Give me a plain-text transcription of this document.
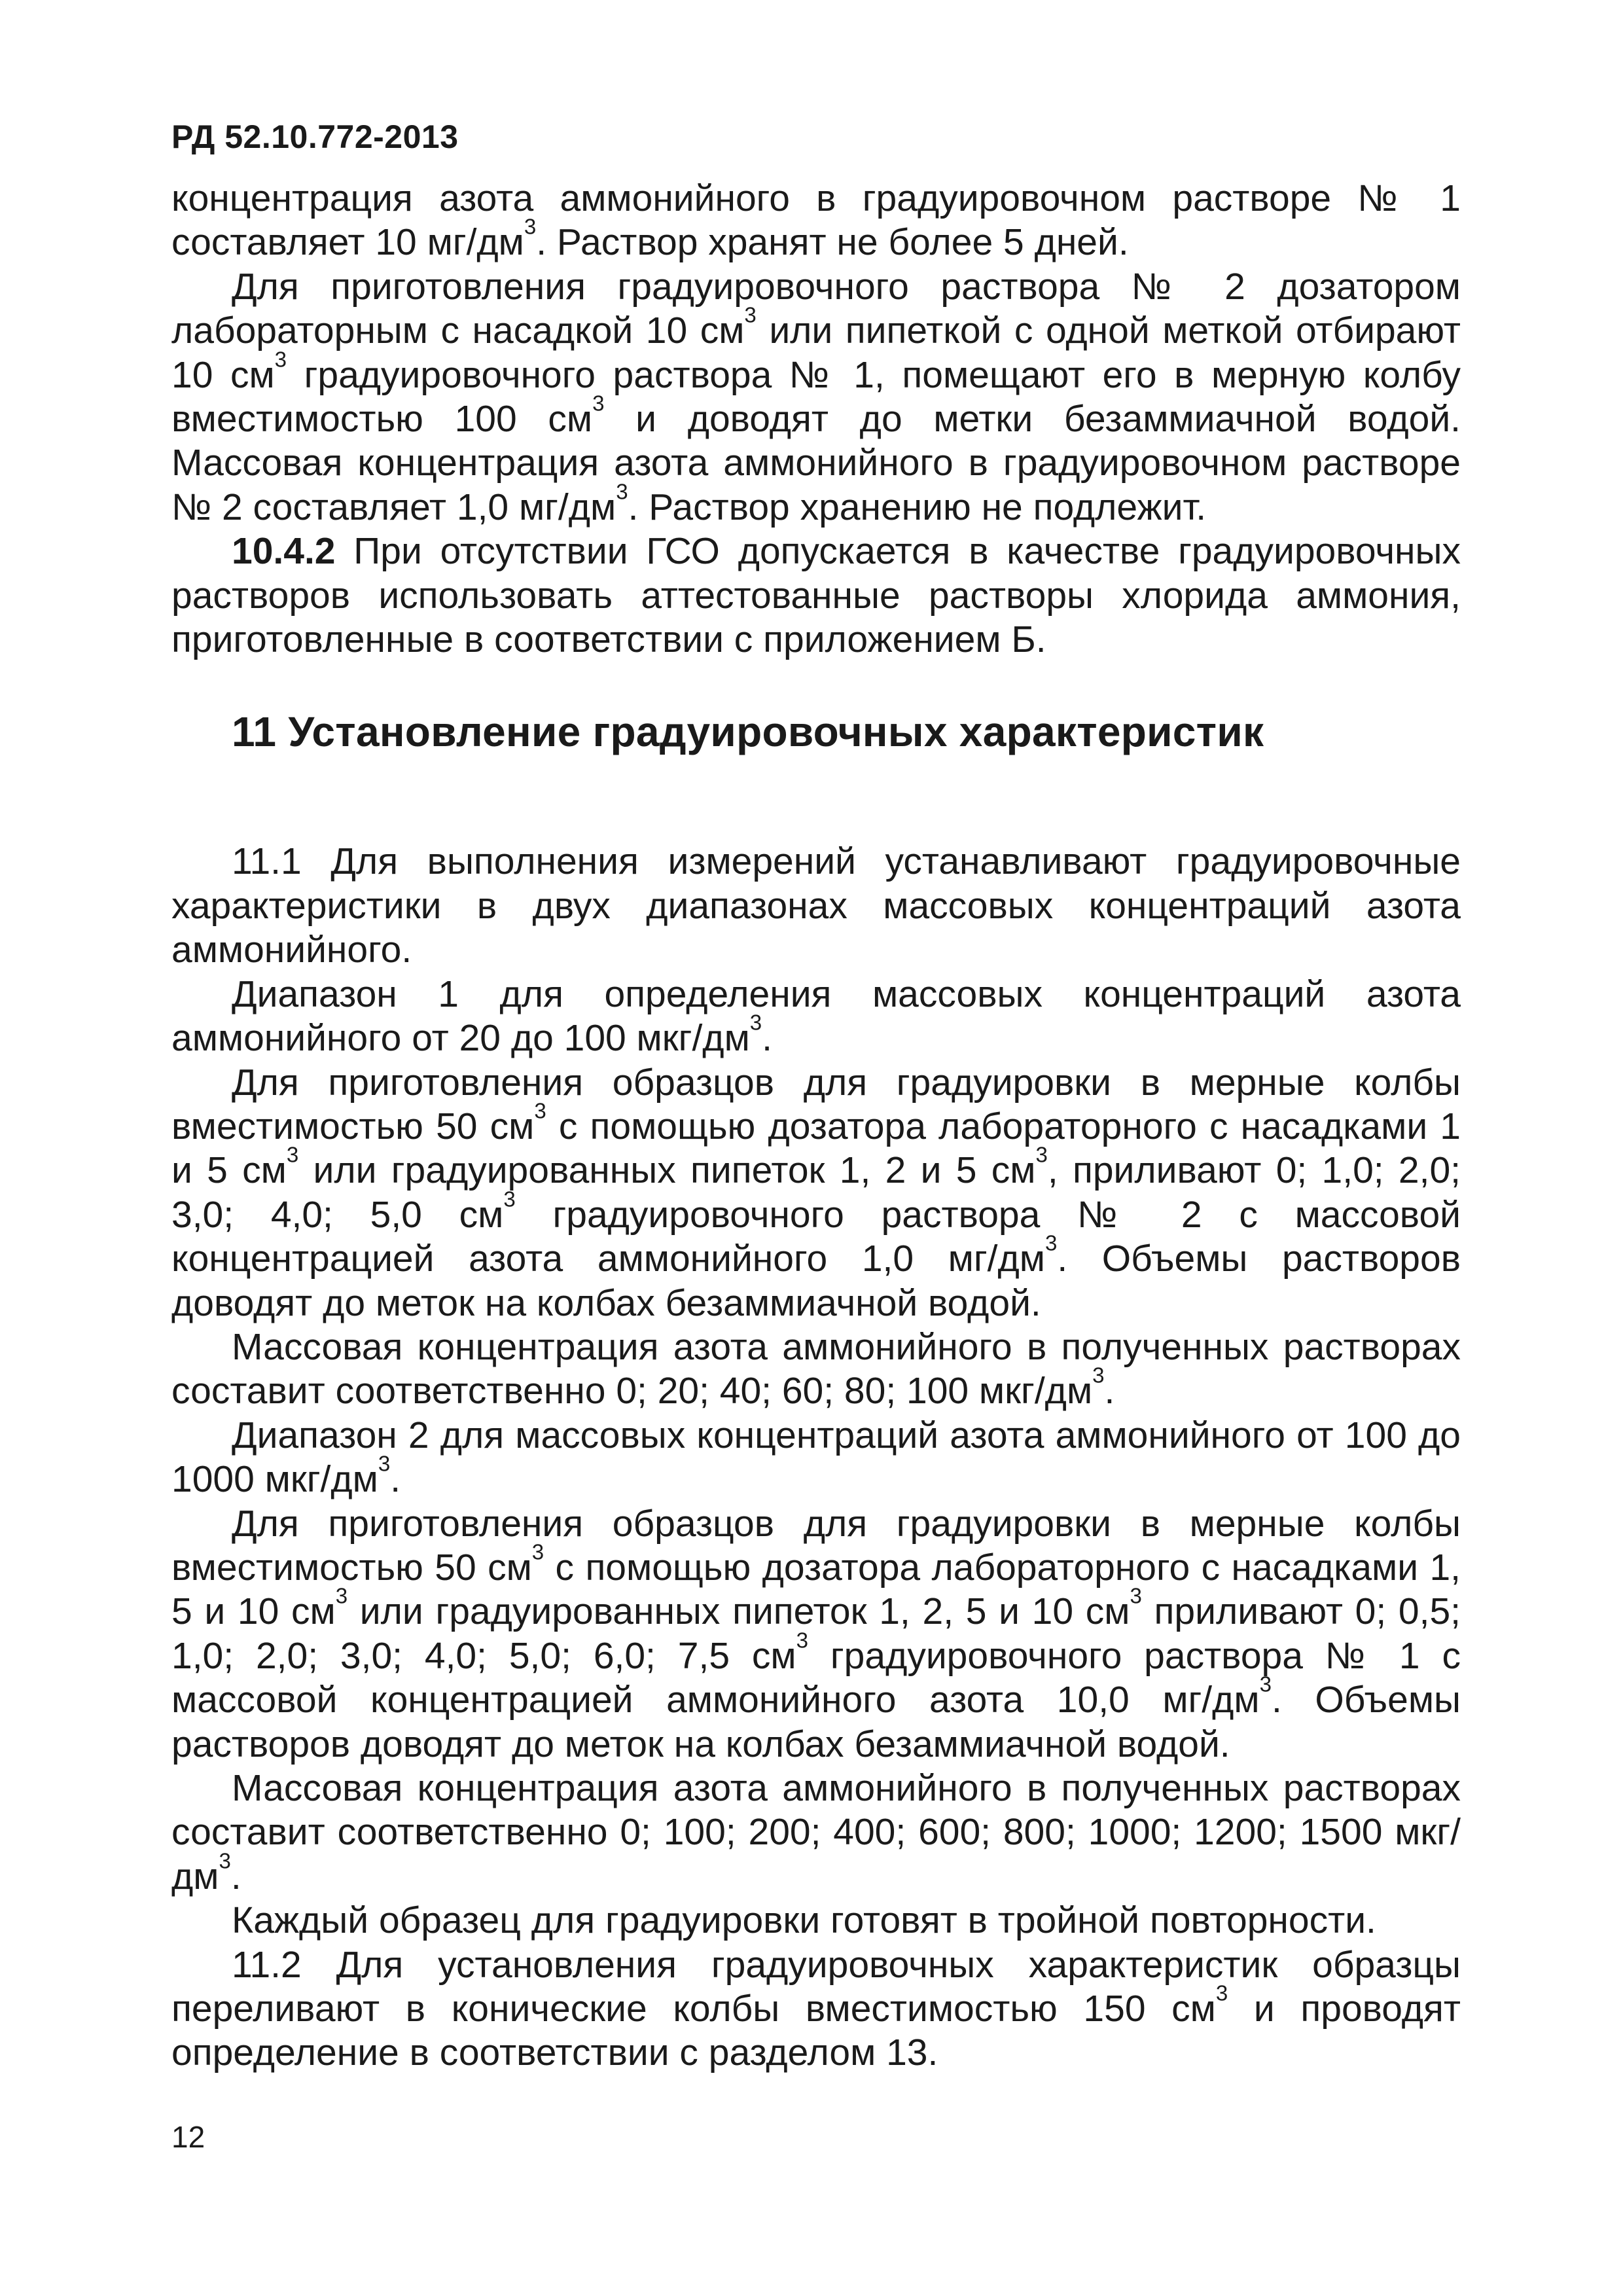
РД 52.10.772-2013

концентрация азота аммонийного в градуировочном растворе № 1 составляет 10 $мг/дм^3$. Раствор хранят не более 5 дней.

Для приготовления градуировочного раствора № 2 дозатором лабораторным с насадкой 10 $см^3$ или пипеткой с одной меткой отбирают 10 $см^3$ градуировочного раствора № 1, помещают его в мерную колбу вместимостью 100 $см^3$ и доводят до метки безаммиачной водой. Массовая концентрация азота аммонийного в градуировочном растворе № 2 составляет 1,0 $мг/дм^3$. Раствор хранению не подлежит.

10.4.2 При отсутствии ГСО допускается в качестве градуировочных растворов использовать аттестованные растворы хлорида аммония, приготовленные в соответствии с приложением Б.

11 Установление градуировочных характеристик

11.1 Для выполнения измерений устанавливают градуировочные характеристики в двух диапазонах массовых концентраций азота аммонийного.

Диапазон 1 для определения массовых концентраций азота аммонийного от 20 до 100 мкг/$дм^3$.

Для приготовления образцов для градуировки в мерные колбы вместимостью 50 $см^3$ с помощью дозатора лабораторного с насадками 1 и 5 $см^3$ или градуированных пипеток 1, 2 и 5 $см^3$, приливают 0; 1,0; 2,0; 3,0; 4,0; 5,0 $см^3$ градуировочного раствора № 2 с массовой концентрацией азота аммонийного 1,0 $мг/дм^3$. Объемы растворов доводят до меток на колбах безаммиачной водой.

Массовая концентрация азота аммонийного в полученных растворах составит соответственно 0; 20; 40; 60; 80; 100 мкг/$дм^3$.

Диапазон 2 для массовых концентраций азота аммонийного от 100 до 1000 мкг/$дм^3$.

Для приготовления образцов для градуировки в мерные колбы вместимостью 50 $см^3$ с помощью дозатора лабораторного с насадками 1, 5 и 10 $см^3$ или градуированных пипеток 1, 2, 5 и 10 $см^3$ приливают 0; 0,5; 1,0; 2,0; 3,0; 4,0; 5,0; 6,0; 7,5 $см^3$ градуировочного раствора № 1 с массовой концентрацией аммонийного азота 10,0 $мг/дм^3$. Объемы растворов доводят до меток на колбах безаммиачной водой.

Массовая концентрация азота аммонийного в полученных растворах составит соответственно 0; 100; 200; 400; 600; 800; 1000; 1200; 1500 мкг/$дм^3$.

Каждый образец для градуировки готовят в тройной повторности.

11.2 Для установления градуировочных характеристик образцы переливают в конические колбы вместимостью 150 $см^3$ и проводят определение в соответствии с разделом 13.

12
